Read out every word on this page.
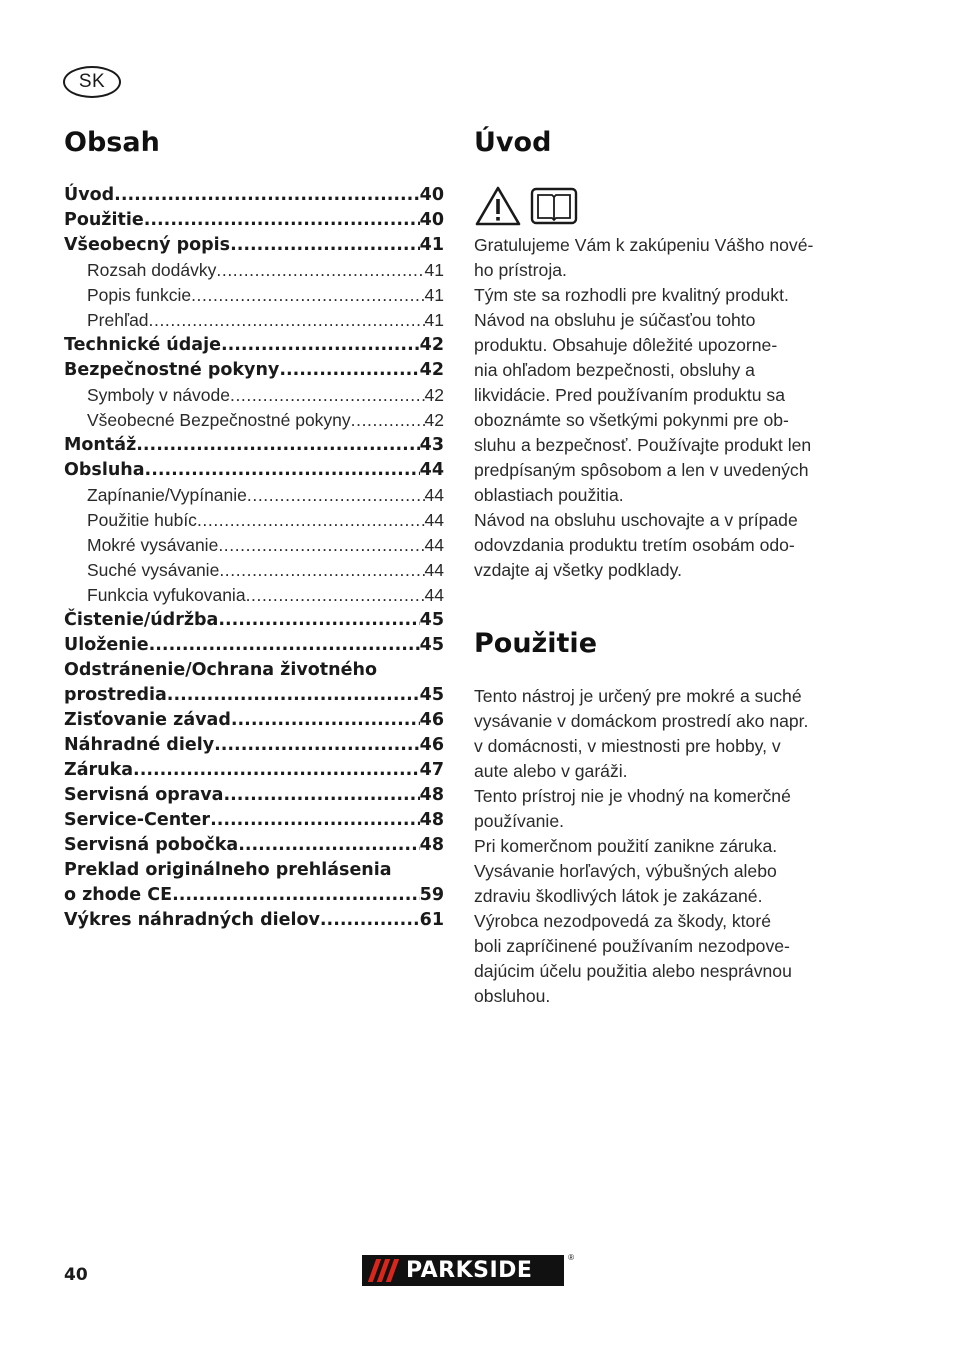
SK
Obsah
Úvod .....	40
Použitie .....	40
Všeobecný popis .....	41
Rozsah dodávky .....	41
Popis funkcie .....	41
Prehľad .....	41
Technické údaje .....	42
Bezpečnostné pokyny .....	42
Symboly v návode .....	42
Všeobecné Bezpečnostné pokyny .....	42
Montáž .....	43
Obsluha .....	44
Zapínanie/Vypínanie .....	44
Použitie hubíc .....	44
Mokré vysávanie .....	44
Suché vysávanie .....	44
Funkcia vyfukovania .....	44
Čistenie/údržba .....	45
Uloženie .....	45
Odstránenie/Ochrana životného
prostredia .....	45
Zisťovanie závad .....	46
Náhradné diely .....	46
Záruka .....	47
Servisná oprava .....	48
Service-Center .....	48
Servisná pobočka .....	48
Preklad originálneho prehlásenia
o zhode CE .....	59
Výkres náhradných dielov .....	61
Úvod

Gratulujeme Vám k zakúpeniu Vášho nové-

ho prístroja.

Tým ste sa rozhodli pre kvalitný produkt.

Návod na obsluhu je súčasťou tohto

produktu. Obsahuje dôležité upozorne-

nia ohľadom bezpečnosti, obsluhy a

likvidácie. Pred používaním produktu sa

oboznámte so všetkými pokynmi pre ob-

sluhu a bezpečnosť. Používajte produkt len

predpísaným spôsobom a len v uvedených

oblastiach použitia.

Návod na obsluhu uschovajte a v prípade

odovzdania produktu tretím osobám odo-

vzdajte aj všetky podklady.

Použitie

Tento nástroj je určený pre mokré a suché

vysávanie v domáckom prostredí ako napr.

v domácnosti, v miestnosti pre hobby, v

aute alebo v garáži.

Tento prístroj nie je vhodný na komerčné

používanie.

Pri komerčnom použití zanikne záruka.

Vysávanie horľavých, výbušných alebo

zdraviu škodlivých látok je zakázané.

Výrobca nezodpovedá za škody, ktoré

boli zapríčinené používaním nezodpove-

dajúcim účelu použitia alebo nesprávnou

obsluhou.

40	PARKSIDE
®
